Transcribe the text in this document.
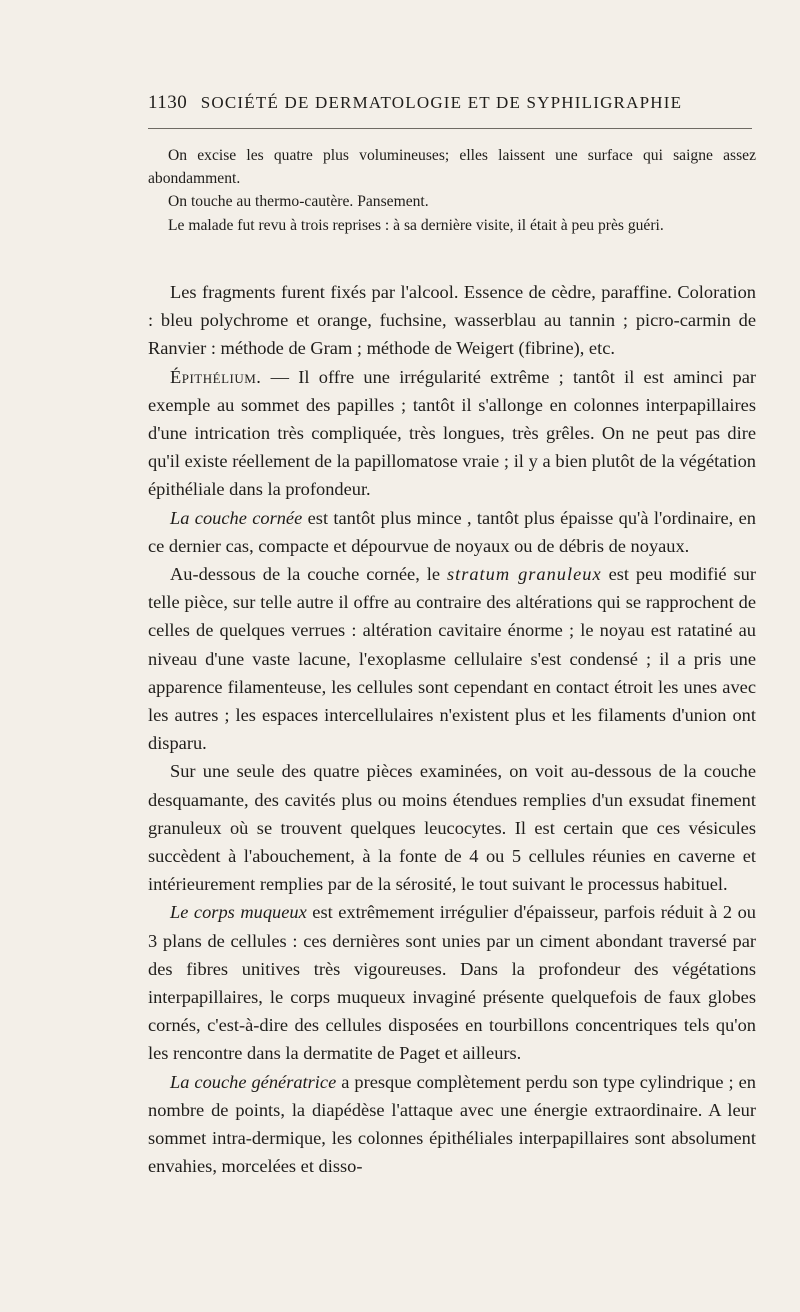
1130 SOCIÉTÉ DE DERMATOLOGIE ET DE SYPHILIGRAPHIE

On excise les quatre plus volumineuses; elles laissent une surface qui saigne assez abondamment.

On touche au thermo-cautère. Pansement.

Le malade fut revu à trois reprises : à sa dernière visite, il était à peu près guéri.

Les fragments furent fixés par l'alcool. Essence de cèdre, paraffine. Coloration : bleu polychrome et orange, fuchsine, wasserblau au tannin ; picro-carmin de Ranvier : méthode de Gram ; méthode de Weigert (fibrine), etc.

Épithélium. — Il offre une irrégularité extrême ; tantôt il est aminci par exemple au sommet des papilles ; tantôt il s'allonge en colonnes interpapillaires d'une intrication très compliquée, très longues, très grêles. On ne peut pas dire qu'il existe réellement de la papillomatose vraie ; il y a bien plutôt de la végétation épithéliale dans la profondeur.

La couche cornée est tantôt plus mince , tantôt plus épaisse qu'à l'ordinaire, en ce dernier cas, compacte et dépourvue de noyaux ou de débris de noyaux.

Au-dessous de la couche cornée, le stratum granuleux est peu modifié sur telle pièce, sur telle autre il offre au contraire des altérations qui se rapprochent de celles de quelques verrues : altération cavitaire énorme ; le noyau est ratatiné au niveau d'une vaste lacune, l'exoplasme cellulaire s'est condensé ; il a pris une apparence filamenteuse, les cellules sont cependant en contact étroit les unes avec les autres ; les espaces intercellulaires n'existent plus et les filaments d'union ont disparu.

Sur une seule des quatre pièces examinées, on voit au-dessous de la couche desquamante, des cavités plus ou moins étendues remplies d'un exsudat finement granuleux où se trouvent quelques leucocytes. Il est certain que ces vésicules succèdent à l'abouchement, à la fonte de 4 ou 5 cellules réunies en caverne et intérieurement remplies par de la sérosité, le tout suivant le processus habituel.

Le corps muqueux est extrêmement irrégulier d'épaisseur, parfois réduit à 2 ou 3 plans de cellules : ces dernières sont unies par un ciment abondant traversé par des fibres unitives très vigoureuses. Dans la profondeur des végétations interpapillaires, le corps muqueux invaginé présente quelquefois de faux globes cornés, c'est-à-dire des cellules disposées en tourbillons concentriques tels qu'on les rencontre dans la dermatite de Paget et ailleurs.

La couche génératrice a presque complètement perdu son type cylindrique ; en nombre de points, la diapédèse l'attaque avec une énergie extraordinaire. A leur sommet intra-dermique, les colonnes épithéliales interpapillaires sont absolument envahies, morcelées et disso-
